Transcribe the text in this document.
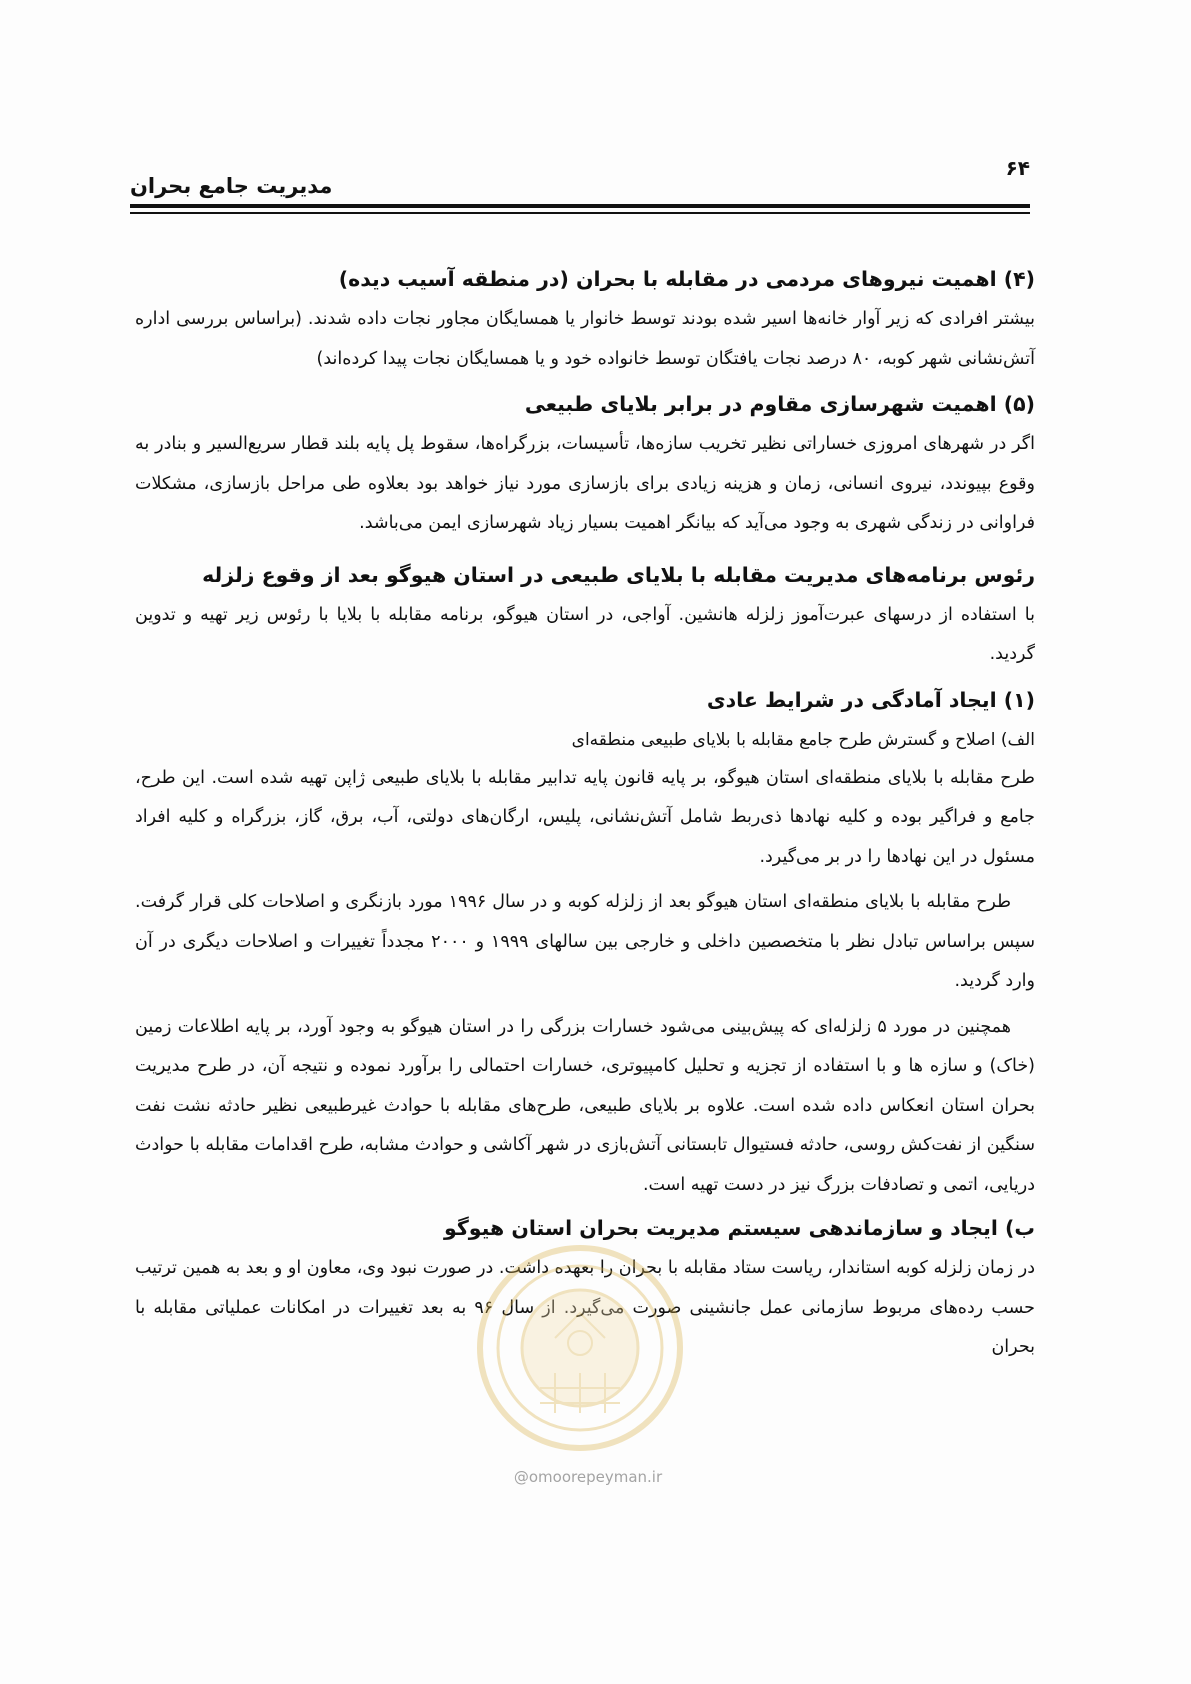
۶۴
مدیریت جامع بحران
(۴) اهمیت نیروهای مردمی در مقابله با بحران (در منطقه آسیب دیده)

بیشتر افرادی که زیر آوار خانه‌ها اسیر شده بودند توسط خانوار یا همسایگان مجاور نجات داده شدند. (براساس بررسی اداره آتش‌نشانی شهر کوبه، ۸۰ درصد نجات یافتگان توسط خانواده خود و یا همسایگان نجات پیدا کرده‌اند)

(۵) اهمیت شهرسازی مقاوم در برابر بلایای طبیعی

اگر در شهرهای امروزی خساراتی نظیر تخریب سازه‌ها، تأسیسات، بزرگراه‌ها، سقوط پل پایه بلند قطار سریع‌السیر و بنادر به وقوع بپیوندد، نیروی انسانی، زمان و هزینه زیادی برای بازسازی مورد نیاز خواهد بود بعلاوه طی مراحل بازسازی، مشکلات فراوانی در زندگی شهری به وجود می‌آید که بیانگر اهمیت بسیار زیاد شهرسازی ایمن می‌باشد.

رئوس برنامه‌های مدیریت مقابله با بلایای طبیعی در استان هیوگو بعد از وقوع زلزله

با استفاده از درسهای عبرت‌آموز زلزله هانشین. آواجی، در استان هیوگو، برنامه مقابله با بلایا با رئوس زیر تهیه و تدوین گردید.

(۱) ایجاد آمادگی در شرایط عادی
الف) اصلاح و گسترش طرح جامع مقابله با بلایای طبیعی منطقه‌ای

طرح مقابله با بلایای منطقه‌ای استان هیوگو، بر پایه قانون پایه تدابیر مقابله با بلایای طبیعی ژاپن تهیه شده است. این طرح، جامع و فراگیر بوده و کلیه نهادها ذی‌ربط شامل آتش‌نشانی، پلیس، ارگان‌های دولتی، آب، برق، گاز، بزرگراه و کلیه افراد مسئول در این نهادها را در بر می‌گیرد.

طرح مقابله با بلایای منطقه‌ای استان هیوگو بعد از زلزله کوبه و در سال ۱۹۹۶ مورد بازنگری و اصلاحات کلی قرار گرفت. سپس براساس تبادل نظر با متخصصین داخلی و خارجی بین سالهای ۱۹۹۹ و ۲۰۰۰ مجدداً تغییرات و اصلاحات دیگری در آن وارد گردید.

همچنین در مورد ۵ زلزله‌ای که پیش‌بینی می‌شود خسارات بزرگی را در استان هیوگو به وجود آورد، بر پایه اطلاعات زمین (خاک) و سازه ها و با استفاده از تجزیه و تحلیل کامپیوتری، خسارات احتمالی را برآورد نموده و نتیجه آن، در طرح مدیریت بحران استان انعکاس داده شده است. علاوه بر بلایای طبیعی، طرح‌های مقابله با حوادث غیرطبیعی نظیر حادثه نشت نفت سنگین از نفت‌کش روسی، حادثه فستیوال تابستانی آتش‌بازی در شهر آکاشی و حوادث مشابه، طرح اقدامات مقابله با حوادث دریایی، اتمی و تصادفات بزرگ نیز در دست تهیه است.

ب) ایجاد و سازماندهی سیستم مدیریت بحران استان هیوگو

در زمان زلزله کوبه استاندار، ریاست ستاد مقابله با بحران را بعهده داشت. در صورت نبود وی، معاون او و بعد به همین ترتیب حسب رده‌های مربوط سازمانی عمل جانشینی صورت می‌گیرد. از سال ۹۶ به بعد تغییرات در امکانات عملیاتی مقابله با بحران

@omoorepeyman.ir
